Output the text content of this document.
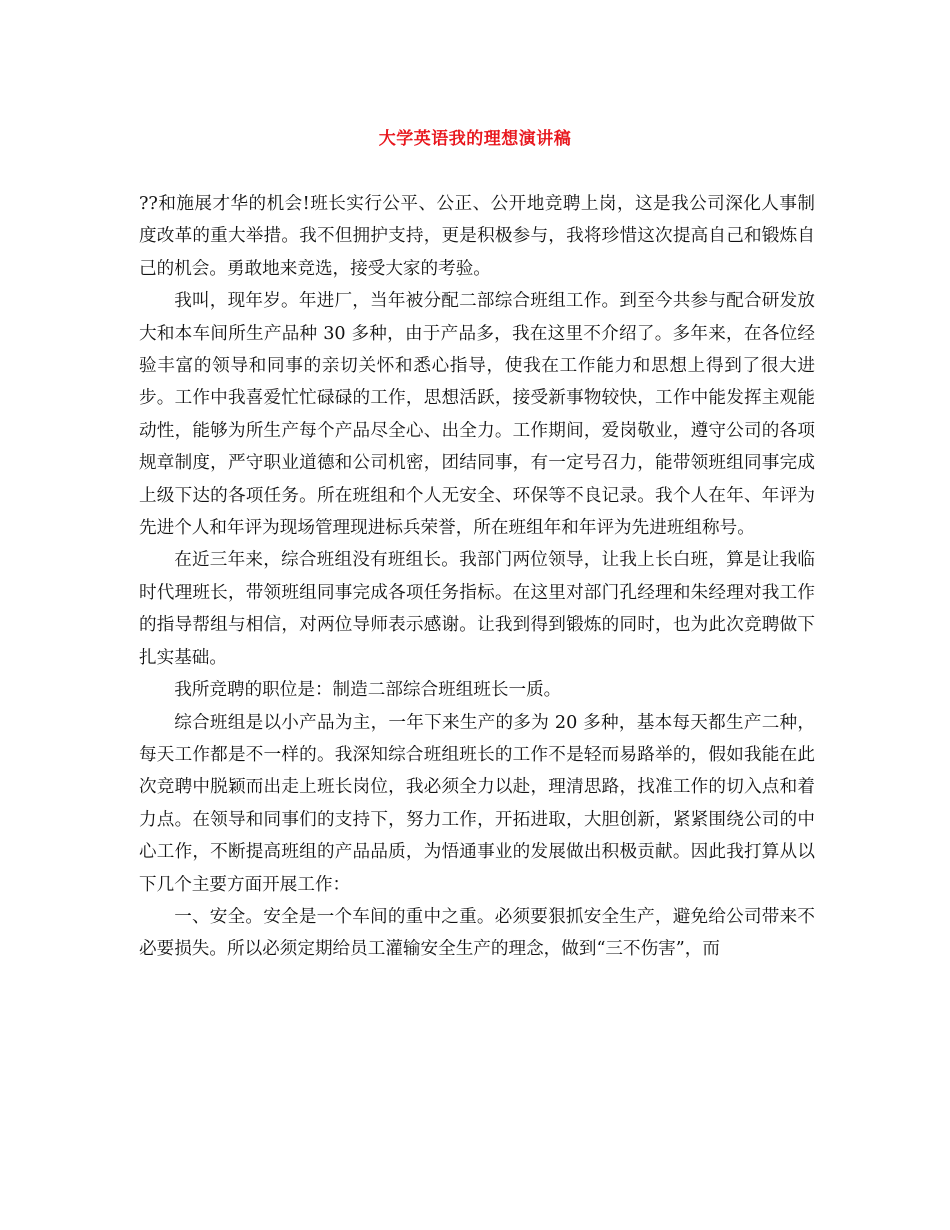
大学英语我的理想演讲稿

??和施展才华的机会!班长实行公平、公正、公开地竞聘上岗，这是我公司深化人事制度改革的重大举措。我不但拥护支持，更是积极参与，我将珍惜这次提高自己和锻炼自己的机会。勇敢地来竞选，接受大家的考验。

我叫，现年岁。年进厂，当年被分配二部综合班组工作。到至今共参与配合研发放大和本车间所生产品种 30 多种，由于产品多，我在这里不介绍了。多年来，在各位经验丰富的领导和同事的亲切关怀和悉心指导，使我在工作能力和思想上得到了很大进步。工作中我喜爱忙忙碌碌的工作，思想活跃，接受新事物较快，工作中能发挥主观能动性，能够为所生产每个产品尽全心、出全力。工作期间，爱岗敬业，遵守公司的各项规章制度，严守职业道德和公司机密，团结同事，有一定号召力，能带领班组同事完成上级下达的各项任务。所在班组和个人无安全、环保等不良记录。我个人在年、年评为先进个人和年评为现场管理现进标兵荣誉，所在班组年和年评为先进班组称号。

在近三年来，综合班组没有班组长。我部门两位领导，让我上长白班，算是让我临时代理班长，带领班组同事完成各项任务指标。在这里对部门孔经理和朱经理对我工作的指导帮组与相信，对两位导师表示感谢。让我到得到锻炼的同时，也为此次竞聘做下扎实基础。

我所竞聘的职位是：制造二部综合班组班长一质。

综合班组是以小产品为主，一年下来生产的多为 20 多种，基本每天都生产二种，每天工作都是不一样的。我深知综合班组班长的工作不是轻而易路举的，假如我能在此次竞聘中脱颖而出走上班长岗位，我必须全力以赴，理清思路，找准工作的切入点和着力点。在领导和同事们的支持下，努力工作，开拓进取，大胆创新，紧紧围绕公司的中心工作，不断提高班组的产品品质，为悟通事业的发展做出积极贡献。因此我打算从以下几个主要方面开展工作：

一、安全。安全是一个车间的重中之重。必须要狠抓安全生产，避免给公司带来不必要损失。所以必须定期给员工灌输安全生产的理念，做到“三不伤害”，而
